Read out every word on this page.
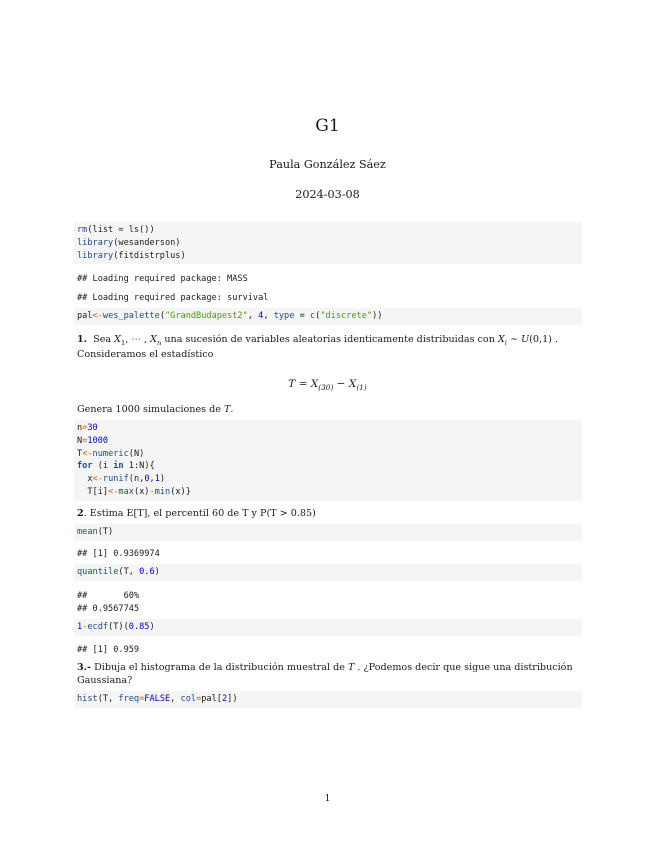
G1
Paula González Sáez
2024-03-08
rm(list = ls())
library(wesanderson)
library(fitdistrplus)
## Loading required package: MASS
## Loading required package: survival
pal<-wes_palette("GrandBudapest2", 4, type = c("discrete"))
1. Sea $X_1$, ⋯ , $X_n$ una sucesión de variables aleatorias identicamente distribuidas con $X_i$ ∼ U(0,1) . Consideramos el estadístico
$T = X_{(30)} - X_{(1)}$
Genera 1000 simulaciones de T.
n=30
N=1000
T<-numeric(N)
for (i in 1:N){
x<-runif(n,0,1)
T[i]<-max(x)-min(x)}
2. Estima E[T], el percentil 60 de T y P(T > 0.85)
mean(T)
## [1] 0.9369974
quantile(T, 0.6)
##       60%
## 0.9567745
1-ecdf(T)(0.85)
## [1] 0.959
3.- Dibuja el histograma de la distribución muestral de T . ¿Podemos decir que sigue una distribución Gaussiana?
hist(T, freq=FALSE, col=pal[2])
1
